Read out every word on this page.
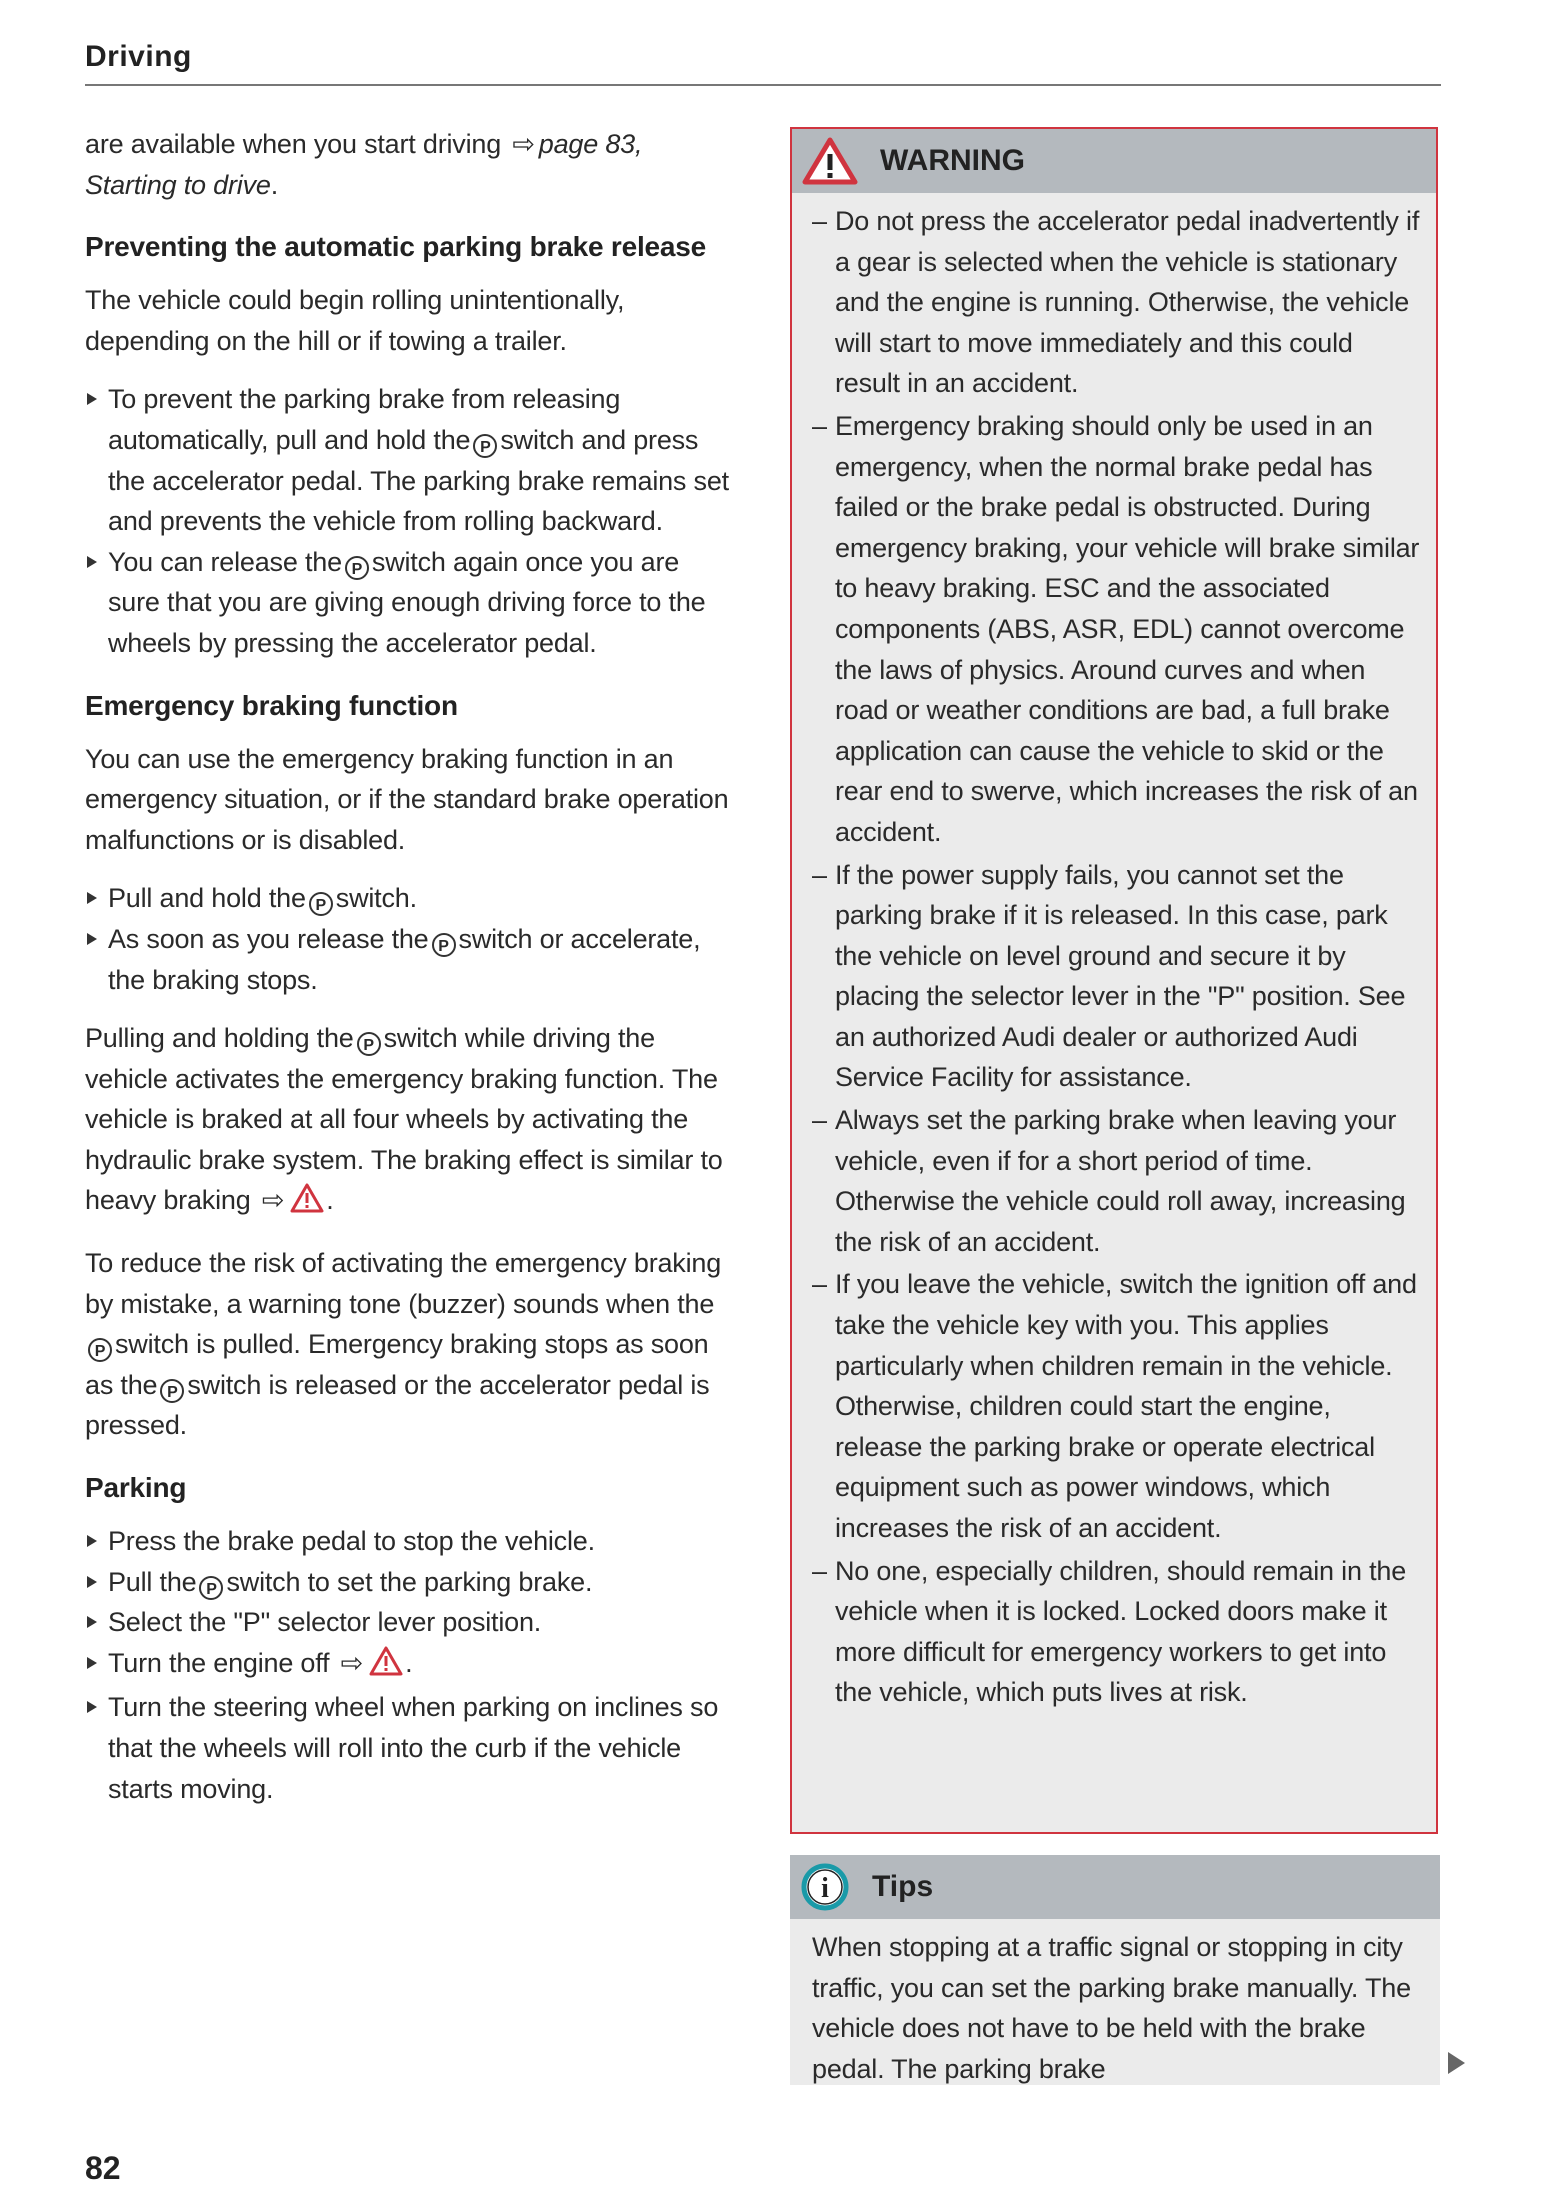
Driving
are available when you start driving ⇨ page 83, Starting to drive.
Preventing the automatic parking brake release
The vehicle could begin rolling unintentionally, depending on the hill or if towing a trailer.
To prevent the parking brake from releasing automatically, pull and hold the P switch and press the accelerator pedal. The parking brake remains set and prevents the vehicle from rolling backward.
You can release the P switch again once you are sure that you are giving enough driving force to the wheels by pressing the accelerator pedal.
Emergency braking function
You can use the emergency braking function in an emergency situation, or if the standard brake operation malfunctions or is disabled.
Pull and hold the P switch.
As soon as you release the P switch or accelerate, the braking stops.
Pulling and holding the P switch while driving the vehicle activates the emergency braking function. The vehicle is braked at all four wheels by activating the hydraulic brake system. The braking effect is similar to heavy braking ⇨ .
To reduce the risk of activating the emergency braking by mistake, a warning tone (buzzer) sounds when theP switch is pulled. Emergency braking stops as soon as the P switch is released or the accelerator pedal is pressed.
Parking
Press the brake pedal to stop the vehicle.
Pull the P switch to set the parking brake.
Select the "P" selector lever position.
Turn the engine off ⇨ .
Turn the steering wheel when parking on inclines so that the wheels will roll into the curb if the vehicle starts moving.
WARNING
– Do not press the accelerator pedal inadvertently if a gear is selected when the vehicle is stationary and the engine is running. Otherwise, the vehicle will start to move immediately and this could result in an accident.
– Emergency braking should only be used in an emergency, when the normal brake pedal has failed or the brake pedal is obstructed. During emergency braking, your vehicle will brake similar to heavy braking. ESC and the associated components (ABS, ASR, EDL) cannot overcome the laws of physics. Around curves and when road or weather conditions are bad, a full brake application can cause the vehicle to skid or the rear end to swerve, which increases the risk of an accident.
– If the power supply fails, you cannot set the parking brake if it is released. In this case, park the vehicle on level ground and secure it by placing the selector lever in the "P" position. See an authorized Audi dealer or authorized Audi Service Facility for assistance.
– Always set the parking brake when leaving your vehicle, even if for a short period of time. Otherwise the vehicle could roll away, increasing the risk of an accident.
– If you leave the vehicle, switch the ignition off and take the vehicle key with you. This applies particularly when children remain in the vehicle. Otherwise, children could start the engine, release the parking brake or operate electrical equipment such as power windows, which increases the risk of an accident.
– No one, especially children, should remain in the vehicle when it is locked. Locked doors make it more difficult for emergency workers to get into the vehicle, which puts lives at risk.
i Tips
When stopping at a traffic signal or stopping in city traffic, you can set the parking brake manually. The vehicle does not have to be held with the brake pedal. The parking brake
82
